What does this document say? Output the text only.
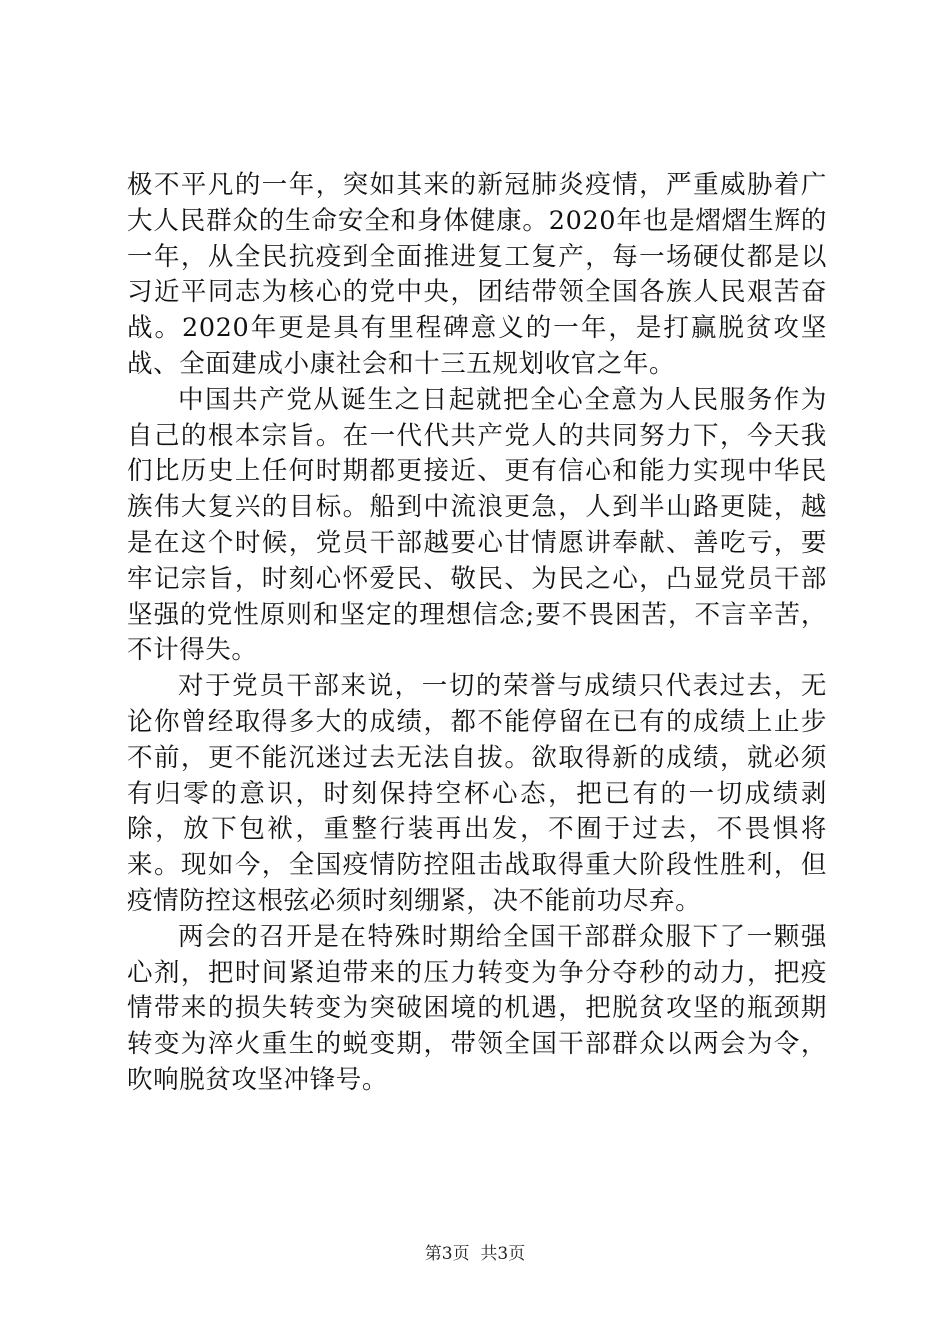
极不平凡的一年，突如其来的新冠肺炎疫情，严重威胁着广大人民群众的生命安全和身体健康。2020年也是熠熠生辉的一年，从全民抗疫到全面推进复工复产，每一场硬仗都是以习近平同志为核心的党中央，团结带领全国各族人民艰苦奋战。2020年更是具有里程碑意义的一年，是打赢脱贫攻坚战、全面建成小康社会和十三五规划收官之年。

中国共产党从诞生之日起就把全心全意为人民服务作为自己的根本宗旨。在一代代共产党人的共同努力下，今天我们比历史上任何时期都更接近、更有信心和能力实现中华民族伟大复兴的目标。船到中流浪更急，人到半山路更陡，越是在这个时候，党员干部越要心甘情愿讲奉献、善吃亏，要牢记宗旨，时刻心怀爱民、敬民、为民之心，凸显党员干部坚强的党性原则和坚定的理想信念;要不畏困苦，不言辛苦，不计得失。

对于党员干部来说，一切的荣誉与成绩只代表过去，无论你曾经取得多大的成绩，都不能停留在已有的成绩上止步不前，更不能沉迷过去无法自拔。欲取得新的成绩，就必须有归零的意识，时刻保持空杯心态，把已有的一切成绩剥除，放下包袱，重整行装再出发，不囿于过去，不畏惧将来。现如今，全国疫情防控阻击战取得重大阶段性胜利，但疫情防控这根弦必须时刻绷紧，决不能前功尽弃。

两会的召开是在特殊时期给全国干部群众服下了一颗强心剂，把时间紧迫带来的压力转变为争分夺秒的动力，把疫情带来的损失转变为突破困境的机遇，把脱贫攻坚的瓶颈期转变为淬火重生的蜕变期，带领全国干部群众以两会为令，吹响脱贫攻坚冲锋号。

第3页  共3页
